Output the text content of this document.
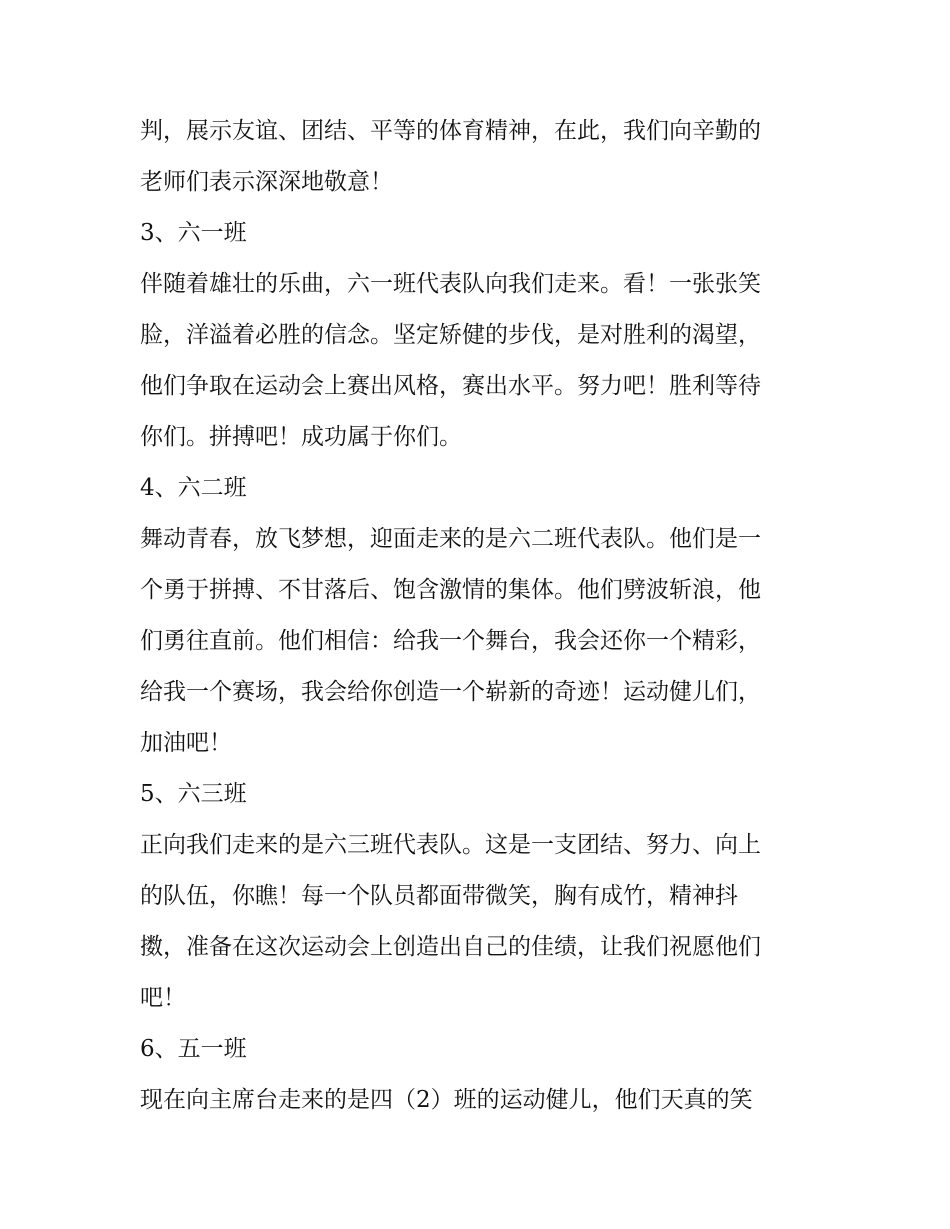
判，展示友谊、团结、平等的体育精神，在此，我们向辛勤的
老师们表示深深地敬意！
3、六一班
伴随着雄壮的乐曲，六一班代表队向我们走来。看！一张张笑
脸，洋溢着必胜的信念。坚定矫健的步伐，是对胜利的渴望，
他们争取在运动会上赛出风格，赛出水平。努力吧！胜利等待
你们。拼搏吧！成功属于你们。
4、六二班
舞动青春，放飞梦想，迎面走来的是六二班代表队。他们是一
个勇于拼搏、不甘落后、饱含激情的集体。他们劈波斩浪，他
们勇往直前。他们相信：给我一个舞台，我会还你一个精彩，
给我一个赛场，我会给你创造一个崭新的奇迹！运动健儿们，
加油吧！
5、六三班
正向我们走来的是六三班代表队。这是一支团结、努力、向上
的队伍，你瞧！每一个队员都面带微笑，胸有成竹，精神抖
擞，准备在这次运动会上创造出自己的佳绩，让我们祝愿他们
吧！
6、五一班
现在向主席台走来的是四（2）班的运动健儿，他们天真的笑
